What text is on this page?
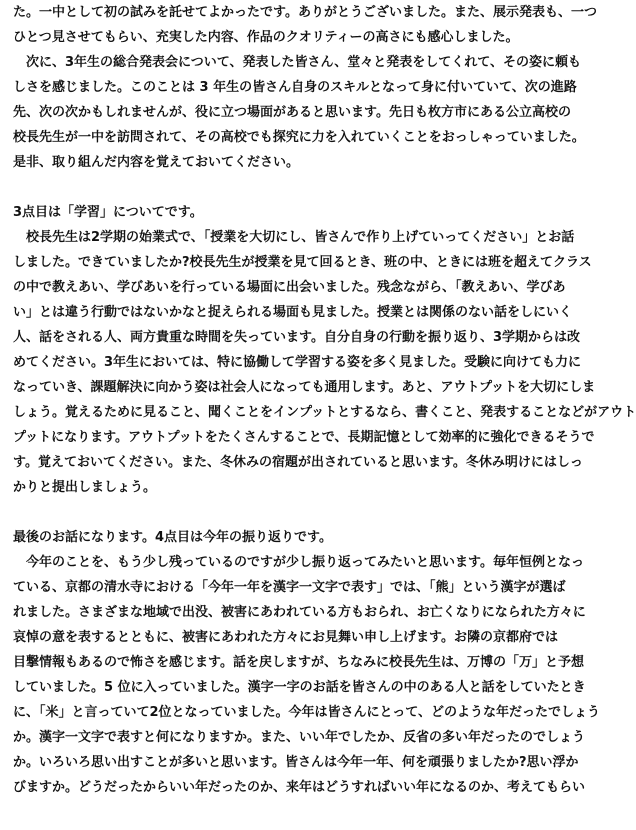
た。一中として初の試みを託せてよかったです。ありがとうございました。また、展示発表も、一つ
ひとつ見させてもらい、充実した内容、作品のクオリティーの高さにも感心しました。
　次に、3年生の総合発表会について、発表した皆さん、堂々と発表をしてくれて、その姿に頼も
しさを感じました。このことは 3 年生の皆さん自身のスキルとなって身に付いていて、次の進路
先、次の次かもしれませんが、役に立つ場面があると思います。先日も枚方市にある公立高校の
校長先生が一中を訪問されて、その高校でも探究に力を入れていくことをおっしゃっていました。
是非、取り組んだ内容を覚えておいてください。
3点目は「学習」についてです。
　校長先生は2学期の始業式で、「授業を大切にし、皆さんで作り上げていってください」とお話
しました。できていましたか?校長先生が授業を見て回るとき、班の中、ときには班を超えてクラス
の中で教えあい、学びあいを行っている場面に出会いました。残念ながら、「教えあい、学びあ
い」とは違う行動ではないかなと捉えられる場面も見ました。授業とは関係のない話をしにいく
人、話をされる人、両方貴重な時間を失っています。自分自身の行動を振り返り、3学期からは改
めてください。3年生においては、特に協働して学習する姿を多く見ました。受験に向けても力に
なっていき、課題解決に向かう姿は社会人になっても通用します。あと、アウトプットを大切にしま
しょう。覚えるために見ること、聞くことをインプットとするなら、書くこと、発表することなどがアウト
プットになります。アウトプットをたくさんすることで、長期記憶として効率的に強化できるそうで
す。覚えておいてください。また、冬休みの宿題が出されていると思います。冬休み明けにはしっ
かりと提出しましょう。
最後のお話になります。4点目は今年の振り返りです。
　今年のことを、もう少し残っているのですが少し振り返ってみたいと思います。毎年恒例となっ
ている、京都の清水寺における「今年一年を漢字一文字で表す」では、「熊」という漢字が選ば
れました。さまざまな地域で出没、被害にあわれている方もおられ、お亡くなりになられた方々に
哀悼の意を表するとともに、被害にあわれた方々にお見舞い申し上げます。お隣の京都府では
目撃情報もあるので怖さを感じます。話を戻しますが、ちなみに校長先生は、万博の「万」と予想
していました。5 位に入っていました。漢字一字のお話を皆さんの中のある人と話をしていたとき
に、「米」と言っていて2位となっていました。今年は皆さんにとって、どのような年だったでしょう
か。漢字一文字で表すと何になりますか。また、いい年でしたか、反省の多い年だったのでしょう
か。いろいろ思い出すことが多いと思います。皆さんは今年一年、何を頑張りましたか?思い浮か
びますか。どうだったからいい年だったのか、来年はどうすればいい年になるのか、考えてもらい
